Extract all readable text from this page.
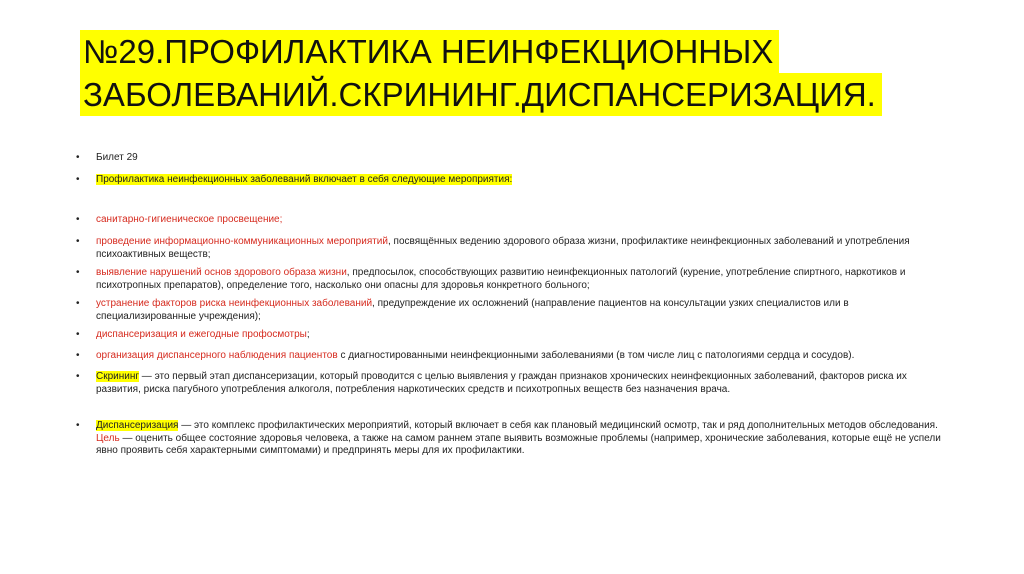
№29.ПРОФИЛАКТИКА НЕИНФЕКЦИОННЫХ
ЗАБОЛЕВАНИЙ.СКРИНИНГ.ДИСПАНСЕРИЗАЦИЯ.

• Билет 29

• Профилактика неинфекционных заболеваний включает в себя следующие мероприятия:

• санитарно-гигиеническое просвещение;

• проведение информационно-коммуникационных мероприятий, посвящённых ведению здорового образа жизни, профилактике неинфекционных заболеваний и употребления психоактивных веществ;

• выявление нарушений основ здорового образа жизни, предпосылок, способствующих развитию неинфекционных патологий (курение, употребление спиртного, наркотиков и психотропных препаратов), определение того, насколько они опасны для здоровья конкретного больного;

• устранение факторов риска неинфекционных заболеваний, предупреждение их осложнений (направление пациентов на консультации узких специалистов или в специализированные учреждения);

• диспансеризация и ежегодные профосмотры;

• организация диспансерного наблюдения пациентов с диагностированными неинфекционными заболеваниями (в том числе лиц с патологиями сердца и сосудов).

• Скрининг — это первый этап диспансеризации, который проводится с целью выявления у граждан признаков хронических неинфекционных заболеваний, факторов риска их развития, риска пагубного употребления алкоголя, потребления наркотических средств и психотропных веществ без назначения врача.

• Диспансеризация — это комплекс профилактических мероприятий, который включает в себя как плановый медицинский осмотр, так и ряд дополнительных методов обследования. Цель — оценить общее состояние здоровья человека, а также на самом раннем этапе выявить возможные проблемы (например, хронические заболевания, которые ещё не успели явно проявить себя характерными симптомами) и предпринять меры для их профилактики.
